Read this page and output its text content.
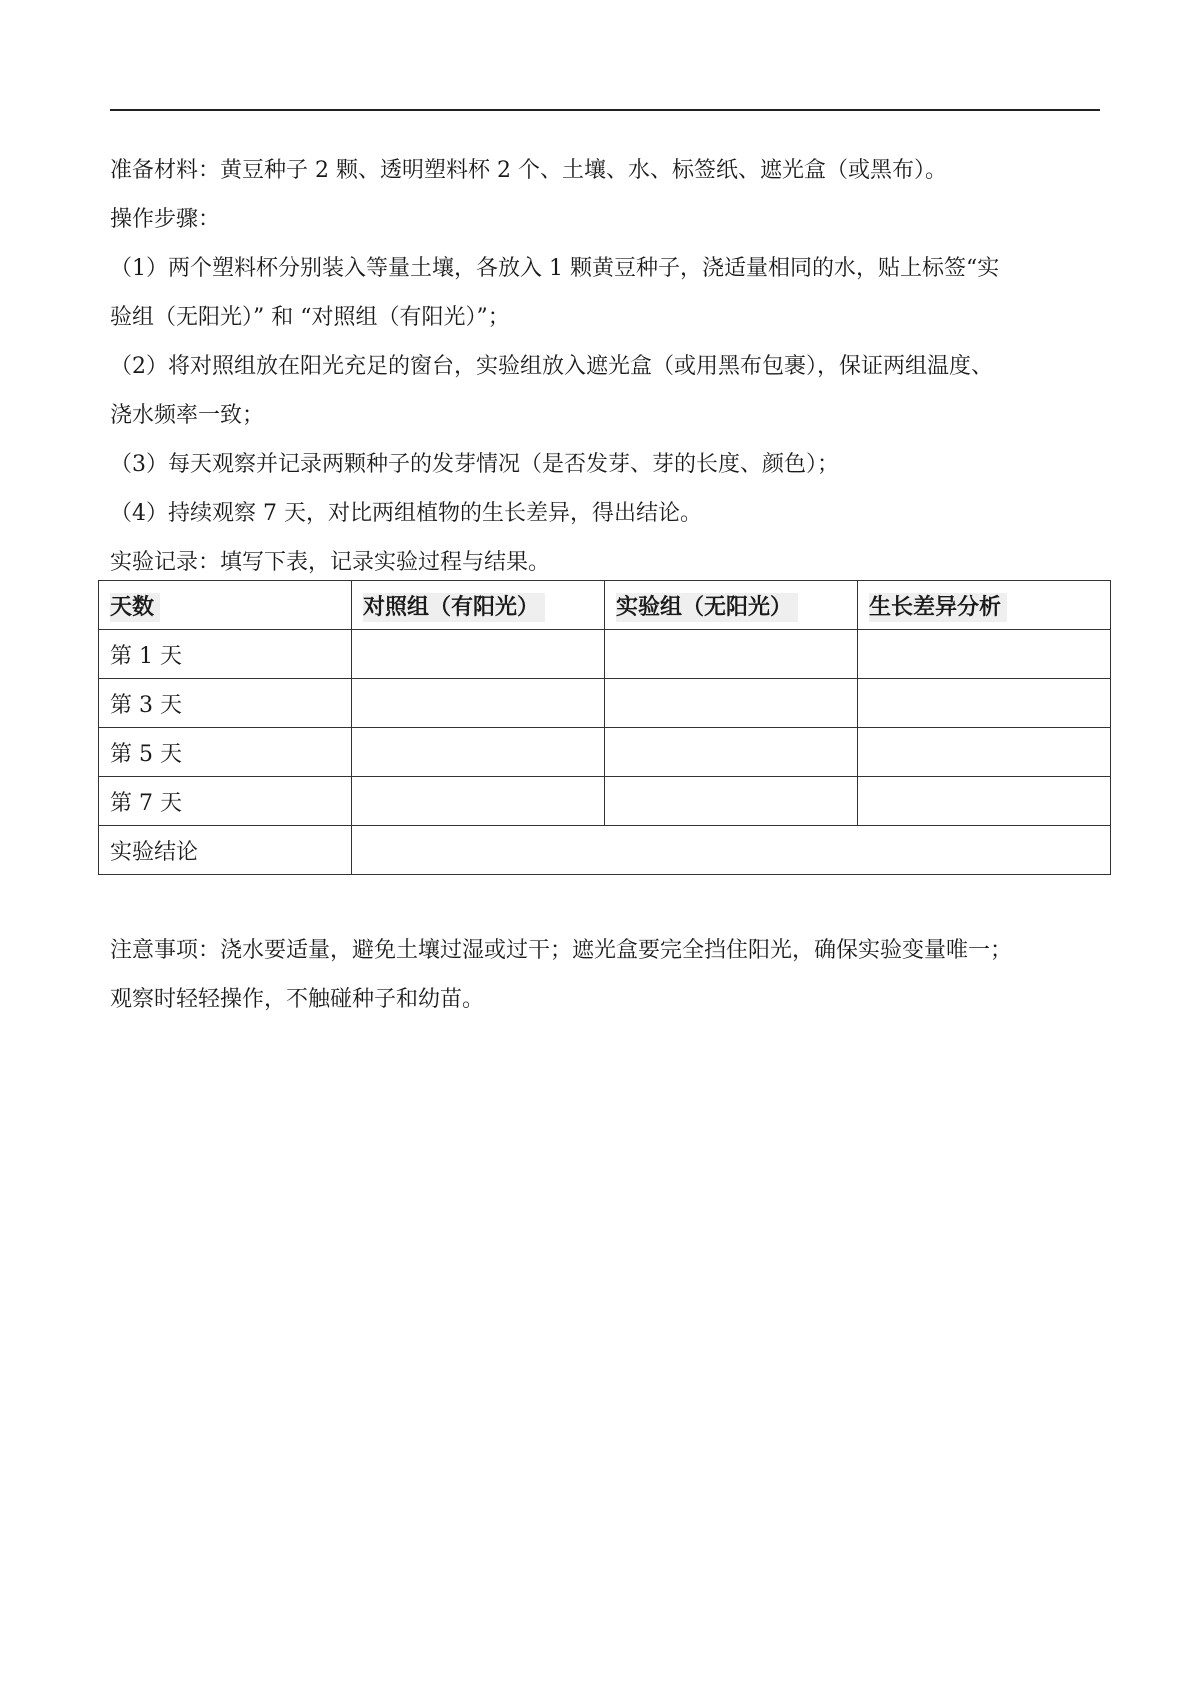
准备材料：黄豆种子 2 颗、透明塑料杯 2 个、土壤、水、标签纸、遮光盒（或黑布）。

操作步骤：

（1）两个塑料杯分别装入等量土壤，各放入 1 颗黄豆种子，浇适量相同的水，贴上标签“实
验组（无阳光）” 和 “对照组（有阳光）”；
（2）将对照组放在阳光充足的窗台，实验组放入遮光盒（或用黑布包裹），保证两组温度、
浇水频率一致；
（3）每天观察并记录两颗种子的发芽情况（是否发芽、芽的长度、颜色）；
（4）持续观察 7 天，对比两组植物的生长差异，得出结论。

实验记录：填写下表，记录实验过程与结果。

天数	对照组（有阳光）	实验组（无阳光）	生长差异分析
第 1 天			
第 3 天			
第 5 天			
第 7 天			
实验结论			
注意事项：浇水要适量，避免土壤过湿或过干；遮光盒要完全挡住阳光，确保实验变量唯一；
观察时轻轻操作，不触碰种子和幼苗。
